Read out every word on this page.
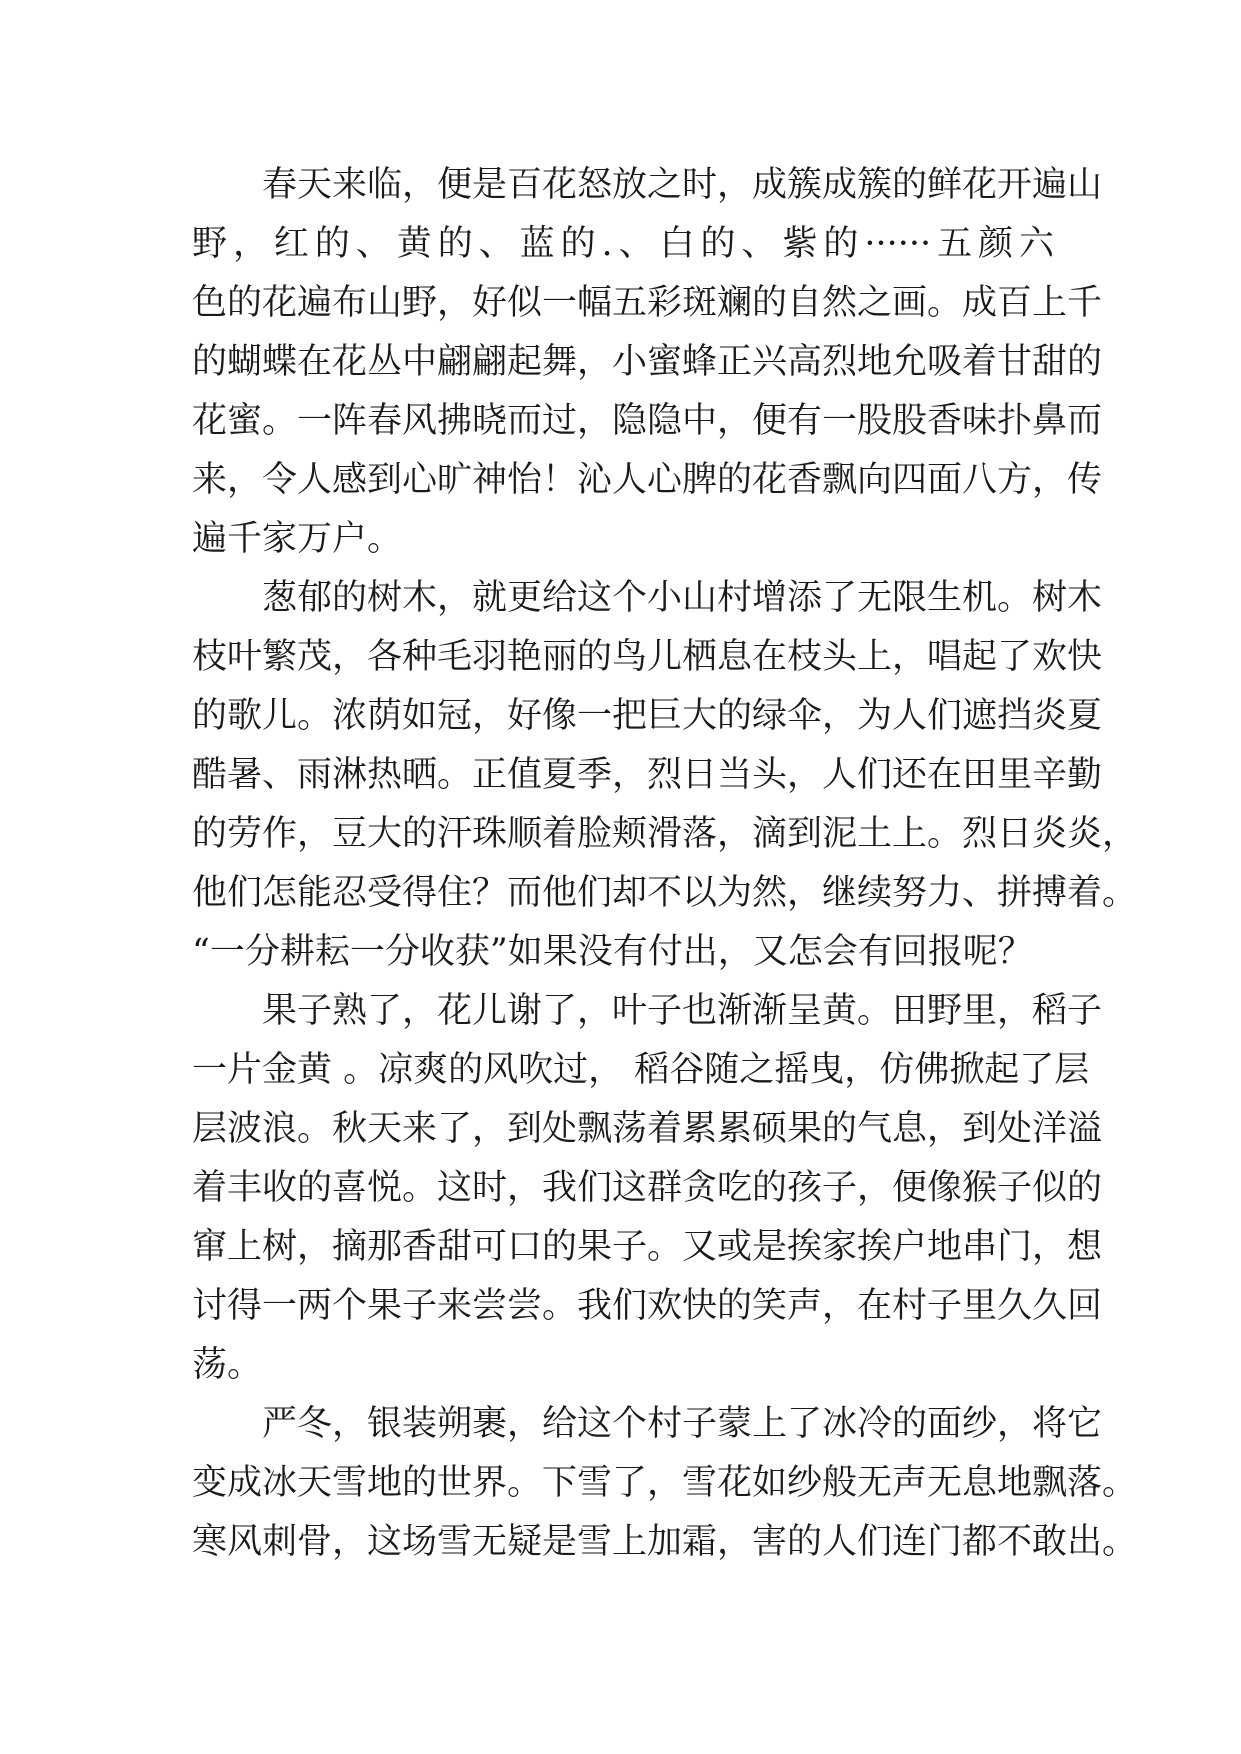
春天来临，便是百花怒放之时，成簇成簇的鲜花开遍山
野，红的、黄的、蓝的.、白的、紫的······五颜六
色的花遍布山野，好似一幅五彩斑斓的自然之画。成百上千
的蝴蝶在花丛中翩翩起舞，小蜜蜂正兴高烈地允吸着甘甜的
花蜜。一阵春风拂晓而过，隐隐中，便有一股股香味扑鼻而
来，令人感到心旷神怡！沁人心脾的花香飘向四面八方，传
遍千家万户。
葱郁的树木，就更给这个小山村增添了无限生机。树木
枝叶繁茂，各种毛羽艳丽的鸟儿栖息在枝头上，唱起了欢快
的歌儿。浓荫如冠，好像一把巨大的绿伞，为人们遮挡炎夏
酷暑、雨淋热晒。正值夏季，烈日当头，人们还在田里辛勤
的劳作，豆大的汗珠顺着脸颊滑落，滴到泥土上。烈日炎炎，
他们怎能忍受得住？而他们却不以为然，继续努力、拼搏着。
“一分耕耘一分收获”如果没有付出，又怎会有回报呢？
果子熟了，花儿谢了，叶子也渐渐呈黄。田野里，稻子
一片金黄 。凉爽的风吹过， 稻谷随之摇曳，仿佛掀起了层
层波浪。秋天来了，到处飘荡着累累硕果的气息，到处洋溢
着丰收的喜悦。这时，我们这群贪吃的孩子，便像猴子似的
窜上树，摘那香甜可口的果子。又或是挨家挨户地串门，想
讨得一两个果子来尝尝。我们欢快的笑声，在村子里久久回
荡。
严冬，银装朔裹，给这个村子蒙上了冰冷的面纱，将它
变成冰天雪地的世界。下雪了，雪花如纱般无声无息地飘落。
寒风刺骨，这场雪无疑是雪上加霜，害的人们连门都不敢出。
